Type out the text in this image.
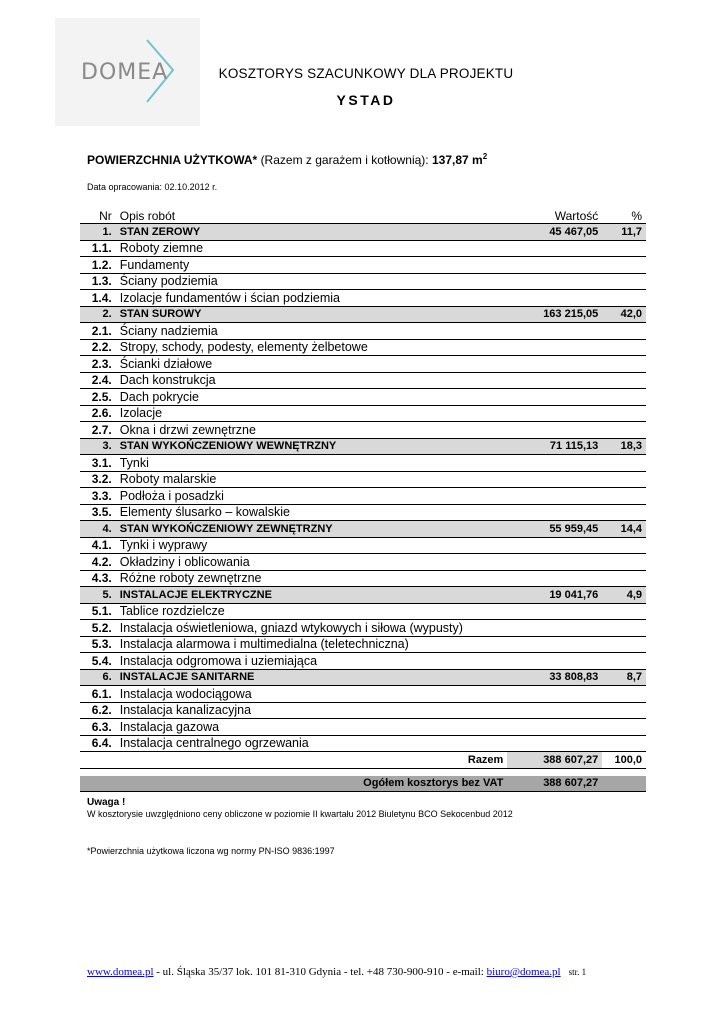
DOMEA	KOSZTORYS SZACUNKOWY DLA PROJEKTU
YSTAD
POWIERZCHNIA UŻYTKOWA* (Razem z garażem i kotłownią): 137,87 $m^2$
Data opracowania: 02.10.2012 r.
Nr	Opis robót	Wartość	%
1.	STAN ZEROWY	45 467,05	11,7
1.1.	Roboty ziemne		
1.2.	Fundamenty		
1.3.	Ściany podziemia		
1.4.	Izolacje fundamentów i ścian podziemia		
2.	STAN SUROWY	163 215,05	42,0
2.1.	Ściany nadziemia		
2.2.	Stropy, schody, podesty, elementy żelbetowe		
2.3.	Ścianki działowe		
2.4.	Dach konstrukcja		
2.5.	Dach pokrycie		
2.6.	Izolacje		
2.7.	Okna i drzwi zewnętrzne		
3.	STAN WYKOŃCZENIOWY WEWNĘTRZNY	71 115,13	18,3
3.1.	Tynki		
3.2.	Roboty malarskie		
3.3.	Podłoża i posadzki		
3.5.	Elementy ślusarko – kowalskie		
4.	STAN WYKOŃCZENIOWY ZEWNĘTRZNY	55 959,45	14,4
4.1.	Tynki i wyprawy		
4.2.	Okładziny i oblicowania		
4.3.	Różne roboty zewnętrzne		
5.	INSTALACJE ELEKTRYCZNE	19 041,76	4,9
5.1.	Tablice rozdzielcze		
5.2.	Instalacja oświetleniowa, gniazd wtykowych i siłowa (wypusty)		
5.3.	Instalacja alarmowa i multimedialna (teletechniczna)		
5.4.	Instalacja odgromowa i uziemiająca		
6.	INSTALACJE SANITARNE	33 808,83	8,7
6.1.	Instalacja wodociągowa		
6.2.	Instalacja kanalizacyjna		
6.3.	Instalacja gazowa		
6.4.	Instalacja centralnego ogrzewania		
Razem		388 607,27	100,0

Ogółem kosztorys bez VAT		388 607,27	
Uwaga !
W kosztorysie uwzględniono ceny obliczone w poziomie II kwartału 2012 Biuletynu BCO Sekocenbud 2012
*Powierzchnia użytkowa liczona wg normy PN-ISO 9836:1997
www.domea.pl - ul. Śląska 35/37 lok. 101 81-310 Gdynia - tel. +48 730-900-910 - e-mail: biuro@domea.pl str. 1
